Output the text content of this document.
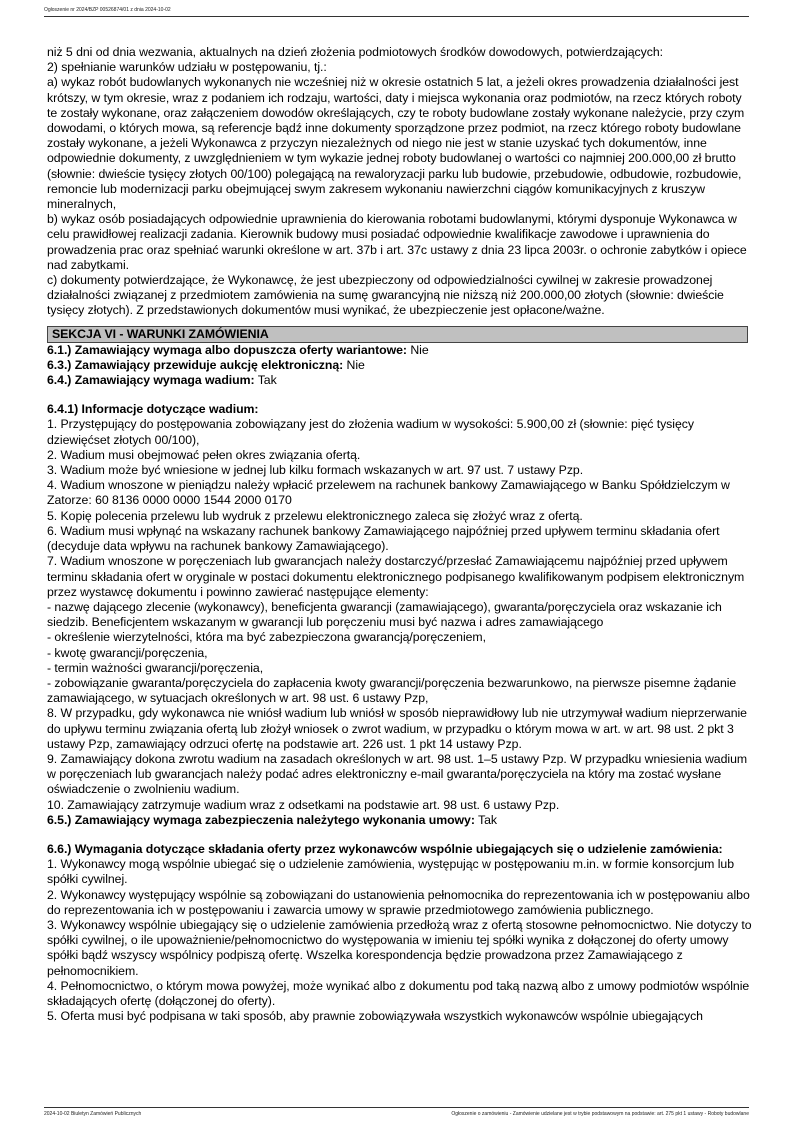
Ogłoszenie nr 2024/BZP 00526874/01 z dnia 2024-10-02

niż 5 dni od dnia wezwania, aktualnych na dzień złożenia podmiotowych środków dowodowych, potwierdzających:

2) spełnianie warunków udziału w postępowaniu, tj.:

a) wykaz robót budowlanych wykonanych nie wcześniej niż w okresie ostatnich 5 lat, a jeżeli okres prowadzenia działalności jest krótszy, w tym okresie, wraz z podaniem ich rodzaju, wartości, daty i miejsca wykonania oraz podmiotów, na rzecz których roboty te zostały wykonane, oraz załączeniem dowodów określających, czy te roboty budowlane zostały wykonane należycie, przy czym dowodami, o których mowa, są referencje bądź inne dokumenty sporządzone przez podmiot, na rzecz którego roboty budowlane zostały wykonane, a jeżeli Wykonawca z przyczyn niezależnych od niego nie jest w stanie uzyskać tych dokumentów, inne odpowiednie dokumenty, z uwzględnieniem w tym wykazie jednej roboty budowlanej o wartości co najmniej 200.000,00 zł brutto (słownie: dwieście tysięcy złotych 00/100) polegającą na rewaloryzacji parku lub budowie, przebudowie, odbudowie, rozbudowie, remoncie lub modernizacji parku obejmującej swym zakresem wykonaniu nawierzchni ciągów komunikacyjnych z kruszyw mineralnych,

b) wykaz osób posiadających odpowiednie uprawnienia do kierowania robotami budowlanymi, którymi dysponuje Wykonawca w celu prawidłowej realizacji zadania. Kierownik budowy musi posiadać odpowiednie kwalifikacje zawodowe i uprawnienia do prowadzenia prac oraz spełniać warunki określone w art. 37b i art. 37c ustawy z dnia 23 lipca 2003r. o ochronie zabytków i opiece nad zabytkami.

c) dokumenty potwierdzające, że Wykonawcę, że jest ubezpieczony od odpowiedzialności cywilnej w zakresie prowadzonej działalności związanej z przedmiotem zamówienia na sumę gwarancyjną nie niższą niż 200.000,00 złotych (słownie: dwieście tysięcy złotych). Z przedstawionych dokumentów musi wynikać, że ubezpieczenie jest opłacone/ważne.

SEKCJA VI - WARUNKI ZAMÓWIENIA

6.1.) Zamawiający wymaga albo dopuszcza oferty wariantowe: Nie

6.3.) Zamawiający przewiduje aukcję elektroniczną: Nie

6.4.) Zamawiający wymaga wadium: Tak

6.4.1) Informacje dotyczące wadium:

1. Przystępujący do postępowania zobowiązany jest do złożenia wadium w wysokości: 5.900,00 zł (słownie: pięć tysięcy dziewięćset złotych 00/100),

2. Wadium musi obejmować pełen okres związania ofertą.

3. Wadium może być wniesione w jednej lub kilku formach wskazanych w art. 97 ust. 7 ustawy Pzp.

4. Wadium wnoszone w pieniądzu należy wpłacić przelewem na rachunek bankowy Zamawiającego w Banku Spółdzielczym w Zatorze: 60 8136 0000 0000 1544 2000 0170

5. Kopię polecenia przelewu lub wydruk z przelewu elektronicznego zaleca się złożyć wraz z ofertą.

6. Wadium musi wpłynąć na wskazany rachunek bankowy Zamawiającego najpóźniej przed upływem terminu składania ofert (decyduje data wpływu na rachunek bankowy Zamawiającego).

7. Wadium wnoszone w poręczeniach lub gwarancjach należy dostarczyć/przesłać Zamawiającemu najpóźniej przed upływem terminu składania ofert w oryginale w postaci dokumentu elektronicznego podpisanego kwalifikowanym podpisem elektronicznym przez wystawcę dokumentu i powinno zawierać następujące elementy:

- nazwę dającego zlecenie (wykonawcy), beneficjenta gwarancji (zamawiającego), gwaranta/poręczyciela oraz wskazanie ich siedzib. Beneficjentem wskazanym w gwarancji lub poręczeniu musi być nazwa i adres zamawiającego

- określenie wierzytelności, która ma być zabezpieczona gwarancją/poręczeniem,

- kwotę gwarancji/poręczenia,

- termin ważności gwarancji/poręczenia,

- zobowiązanie gwaranta/poręczyciela do zapłacenia kwoty gwarancji/poręczenia bezwarunkowo, na pierwsze pisemne żądanie zamawiającego, w sytuacjach określonych w art. 98 ust. 6 ustawy Pzp,

8. W przypadku, gdy wykonawca nie wniósł wadium lub wniósł w sposób nieprawidłowy lub nie utrzymywał wadium nieprzerwanie do upływu terminu związania ofertą lub złożył wniosek o zwrot wadium, w przypadku o którym mowa w art. w art. 98 ust. 2 pkt 3 ustawy Pzp, zamawiający odrzuci ofertę na podstawie art. 226 ust. 1 pkt 14 ustawy Pzp.

9. Zamawiający dokona zwrotu wadium na zasadach określonych w art. 98 ust. 1–5 ustawy Pzp. W przypadku wniesienia wadium w poręczeniach lub gwarancjach należy podać adres elektroniczny e-mail gwaranta/poręczyciela na który ma zostać wysłane oświadczenie o zwolnieniu wadium.

10. Zamawiający zatrzymuje wadium wraz z odsetkami na podstawie art. 98 ust. 6 ustawy Pzp.

6.5.) Zamawiający wymaga zabezpieczenia należytego wykonania umowy: Tak

6.6.) Wymagania dotyczące składania oferty przez wykonawców wspólnie ubiegających się o udzielenie zamówienia:

1. Wykonawcy mogą wspólnie ubiegać się o udzielenie zamówienia, występując w postępowaniu m.in. w formie konsorcjum lub spółki cywilnej.

2. Wykonawcy występujący wspólnie są zobowiązani do ustanowienia pełnomocnika do reprezentowania ich w postępowaniu albo do reprezentowania ich w postępowaniu i zawarcia umowy w sprawie przedmiotowego zamówienia publicznego.

3. Wykonawcy wspólnie ubiegający się o udzielenie zamówienia przedłożą wraz z ofertą stosowne pełnomocnictwo. Nie dotyczy to spółki cywilnej, o ile upoważnienie/pełnomocnictwo do występowania w imieniu tej spółki wynika z dołączonej do oferty umowy spółki bądź wszyscy wspólnicy podpiszą ofertę. Wszelka korespondencja będzie prowadzona przez Zamawiającego z pełnomocnikiem.

4. Pełnomocnictwo, o którym mowa powyżej, może wynikać albo z dokumentu pod taką nazwą albo z umowy podmiotów wspólnie składających ofertę (dołączonej do oferty).

5. Oferta musi być podpisana w taki sposób, aby prawnie zobowiązywała wszystkich wykonawców wspólnie ubiegających

2024-10-02 Biuletyn Zamówień Publicznych	Ogłoszenie o zamówieniu - Zamówienie udzielane jest w trybie podstawowym na podstawie: art. 275 pkt 1 ustawy - Roboty budowlane
